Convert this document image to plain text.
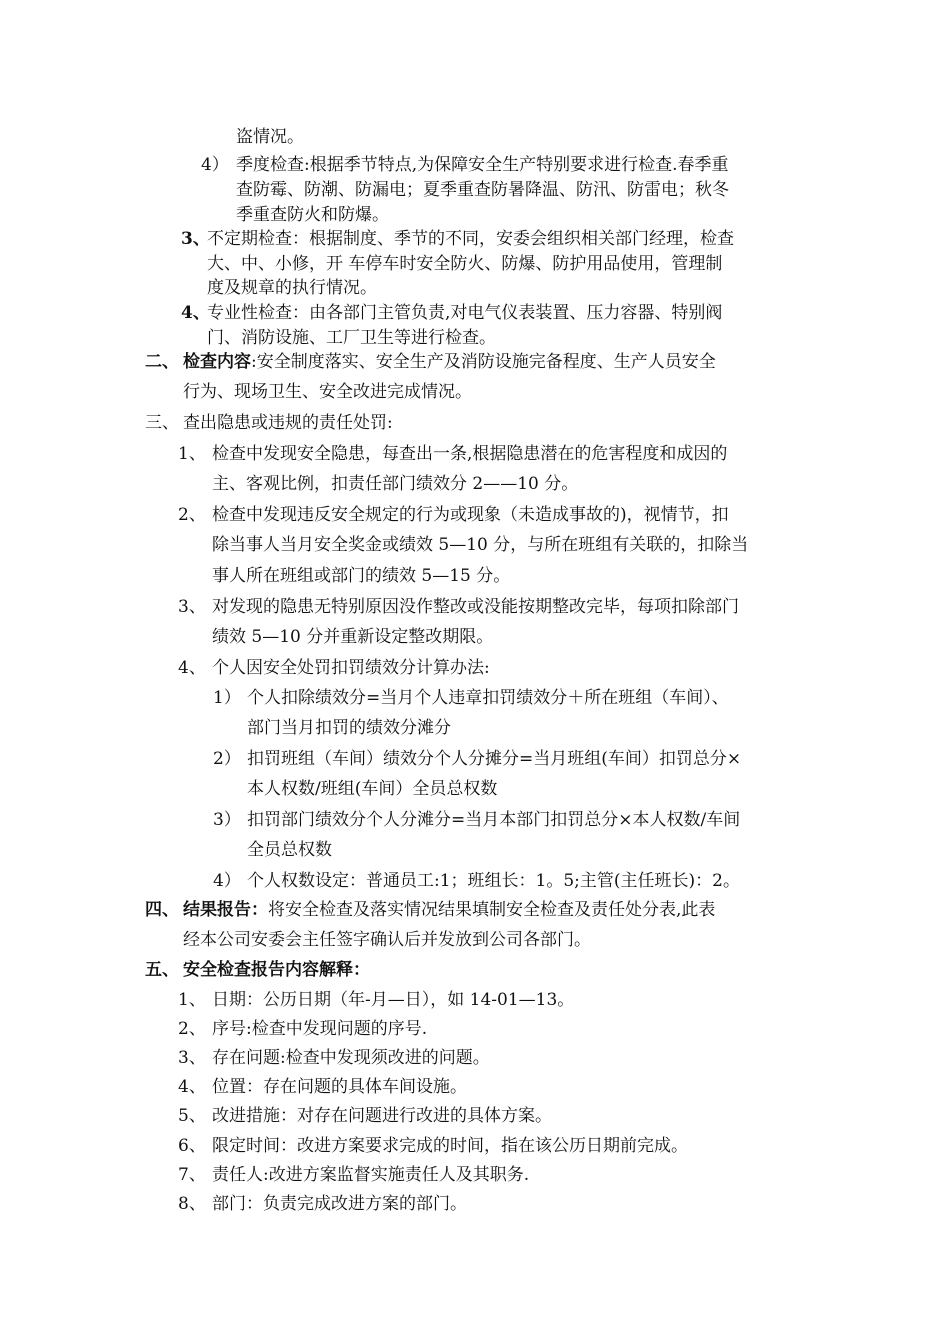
盗情况。
4） 季度检查:根据季节特点,为保障安全生产特别要求进行检查.春季重
查防霉、防潮、防漏电；夏季重查防暑降温、防汛、防雷电；秋冬
季重查防火和防爆。
3、
不定期检查：根据制度、季节的不同，安委会组织相关部门经理，检查
大、中、小修，开 车停车时安全防火、防爆、防护用品使用，管理制
度及规章的执行情况。
4、
专业性检查：由各部门主管负责,对电气仪表装置、压力容器、特别阀
门、消防设施、工厂卫生等进行检查。
二、 检查内容:安全制度落实、安全生产及消防设施完备程度、生产人员安全
行为、现场卫生、安全改进完成情况。
三、 查出隐患或违规的责任处罚:
1、 检查中发现安全隐患，每查出一条,根据隐患潜在的危害程度和成因的
主、客观比例，扣责任部门绩效分 2——10 分。
2、 检查中发现违反安全规定的行为或现象（未造成事故的)，视情节，扣
除当事人当月安全奖金或绩效 5—10 分，与所在班组有关联的，扣除当
事人所在班组或部门的绩效 5—15 分。
3、 对发现的隐患无特别原因没作整改或没能按期整改完毕，每项扣除部门
绩效 5—10 分并重新设定整改期限。
4、 个人因安全处罚扣罚绩效分计算办法:
1） 个人扣除绩效分=当月个人违章扣罚绩效分＋所在班组（车间）、
部门当月扣罚的绩效分滩分
2） 扣罚班组（车间）绩效分个人分摊分=当月班组(车间）扣罚总分×
本人权数/班组(车间）全员总权数
3） 扣罚部门绩效分个人分滩分=当月本部门扣罚总分×本人权数/车间
全员总权数
4） 个人权数设定：普通员工:1；班组长：1。5;主管(主任班长)：2。
四、 结果报告：将安全检查及落实情况结果填制安全检查及责任处分表,此表
经本公司安委会主任签字确认后并发放到公司各部门。
五、 安全检查报告内容解释：
1、 日期：公历日期（年-月—日），如 14-01—13。
2、 序号:检查中发现问题的序号.
3、 存在问题:检查中发现须改进的问题。
4、 位置：存在问题的具体车间设施。
5、 改进措施：对存在问题进行改进的具体方案。
6、 限定时间：改进方案要求完成的时间，指在该公历日期前完成。
7、 责任人:改进方案监督实施责任人及其职务.
8、 部门：负责完成改进方案的部门。
